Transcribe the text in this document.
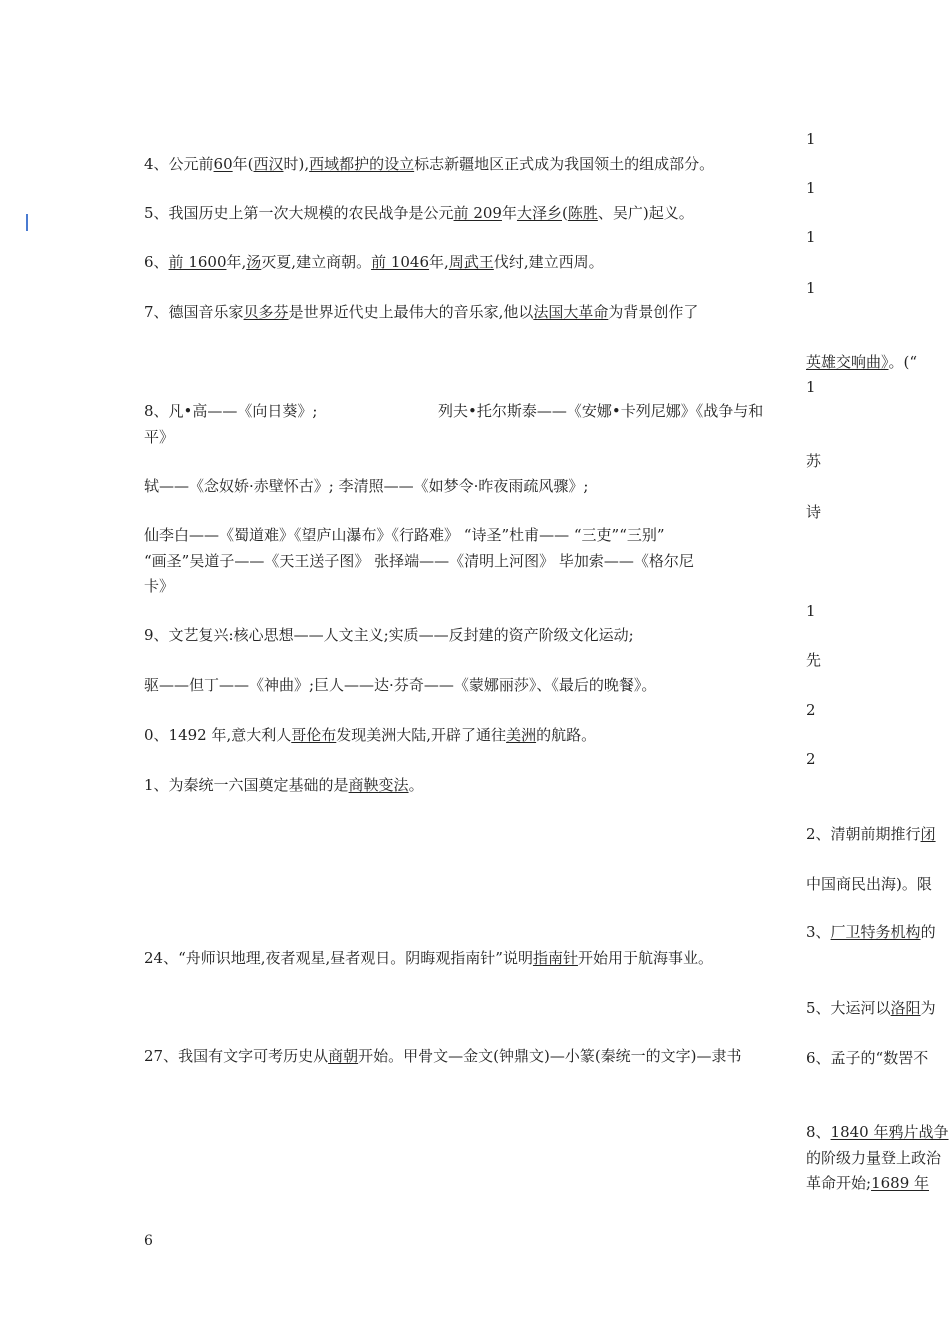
4、公元前60年(西汉时),西域都护的设立标志新疆地区正式成为我国领土的组成部分。
5、我国历史上第一次大规模的农民战争是公元前 209年大泽乡(陈胜、吴广)起义。
6、前 1600年,汤灭夏,建立商朝。前 1046年,周武王伐纣,建立西周。
7、德国音乐家贝多芬是世界近代史上最伟大的音乐家,他以法国大革命为背景创作了
8、凡•高——《向日葵》;	列夫•托尔斯泰——《安娜•卡列尼娜》《战争与和
平》
轼——《念奴娇·赤壁怀古》; 李清照——《如梦令·昨夜雨疏风骤》;
仙李白——《蜀道难》《望庐山瀑布》《行路难》 “诗圣”杜甫—— “三吏”“三别”
“画圣”吴道子——《天王送子图》 张择端——《清明上河图》 毕加索——《格尔尼
卡》
9、文艺复兴:核心思想——人文主义;实质——反封建的资产阶级文化运动;
驱——但丁——《神曲》;巨人——达·芬奇——《蒙娜丽莎》、《最后的晚餐》。
0、1492 年,意大利人哥伦布发现美洲大陆,开辟了通往美洲的航路。
1、为秦统一六国奠定基础的是商鞅变法。
24、“舟师识地理,夜者观星,昼者观日。阴晦观指南针”说明指南针开始用于航海事业。
27、我国有文字可考历史从商朝开始。甲骨文—金文(钟鼎文)—小篆(秦统一的文字)—隶书
1
1
1
1
英雄交响曲》。(“
1
苏
诗
1
先
2
2
2、清朝前期推行闭
中国商民出海)。限
3、厂卫特务机构的
5、大运河以洛阳为
6、孟子的“数罟不
8、1840 年鸦片战争
的阶级力量登上政治
革命开始;1689 年
6
